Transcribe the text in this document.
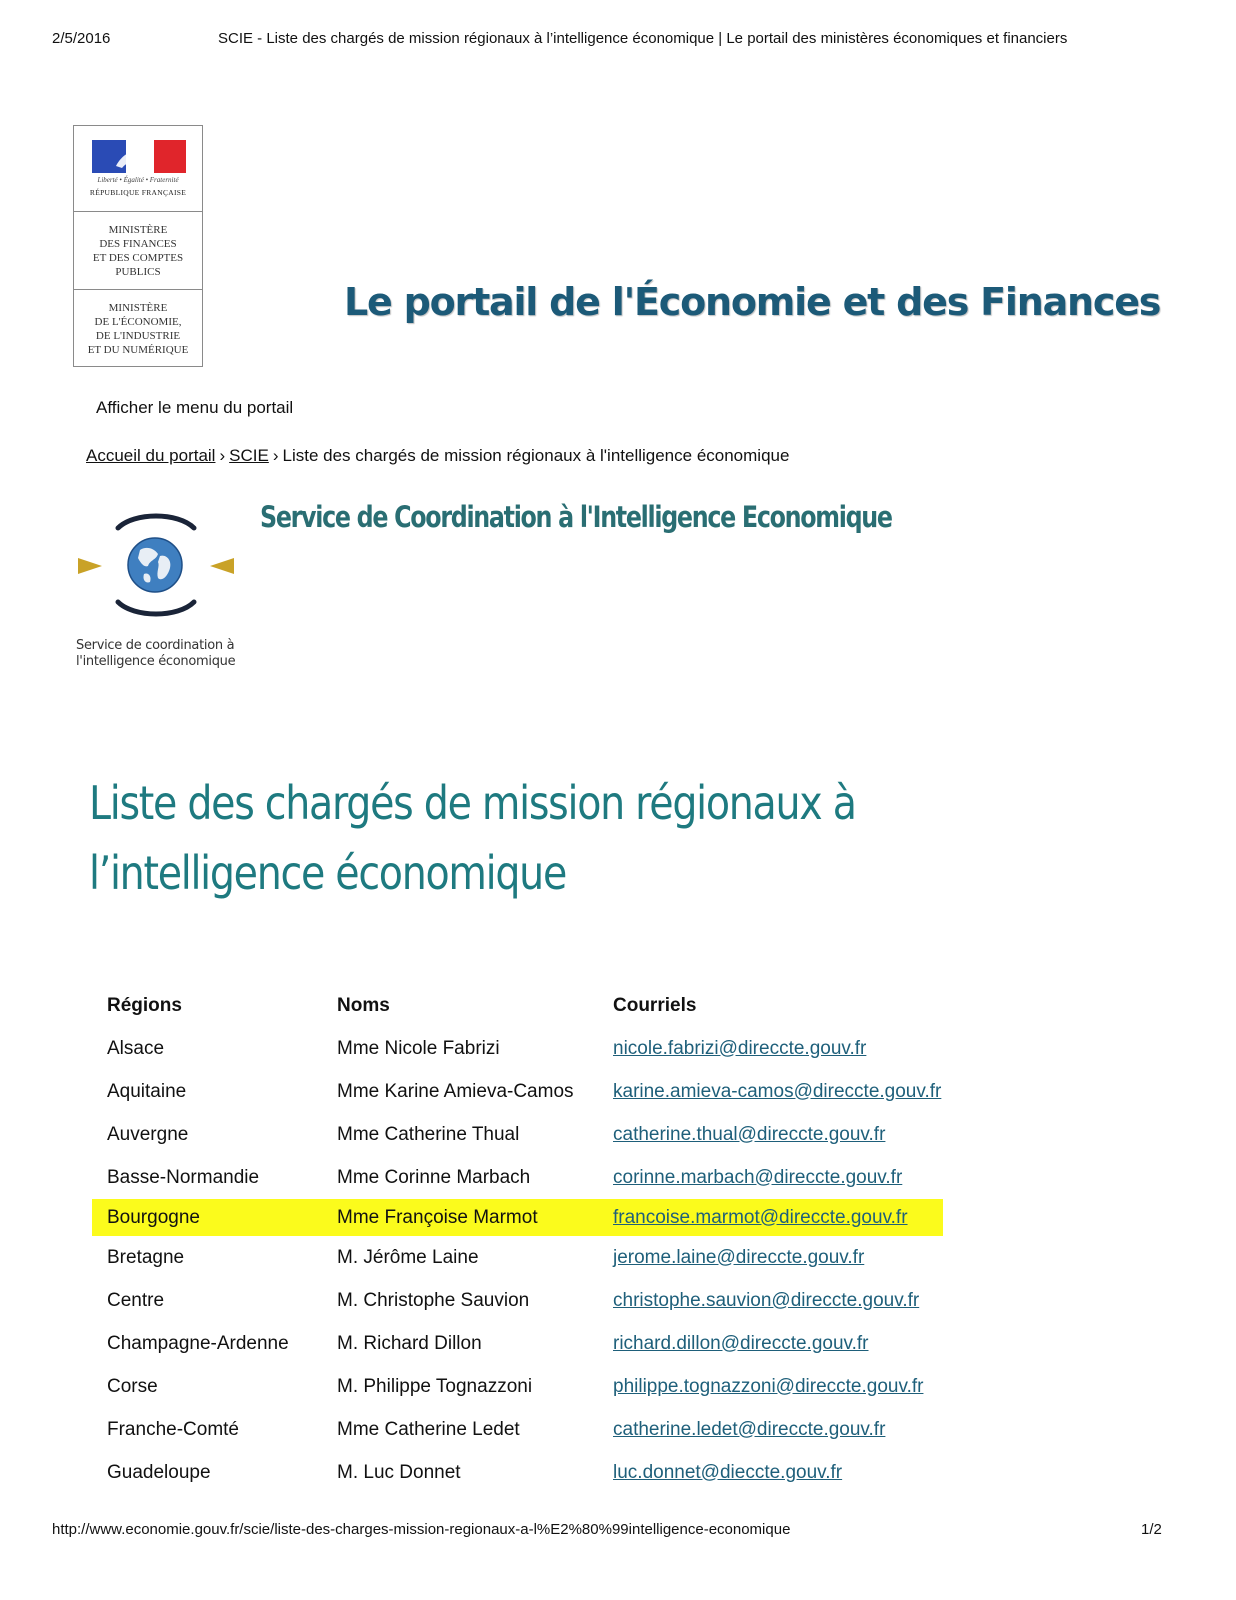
2/5/2016	SCIE - Liste des chargés de mission régionaux à l’intelligence économique | Le portail des ministères économiques et financiers
Liberté • Égalité • Fraternité
RÉPUBLIQUE FRANÇAISE
MINISTÈRE
DES FINANCES
ET DES COMPTES
PUBLICS
MINISTÈRE
DE L'ÉCONOMIE,
DE L'INDUSTRIE
ET DU NUMÉRIQUE
Le portail de l'Économie et des Finances
Afficher le menu du portail
Accueil du portail › SCIE › Liste des chargés de mission régionaux à l'intelligence économique
Service de coordination à
l'intelligence économique
Service de Coordination à l'Intelligence Economique
Liste des chargés de mission régionaux à l’intelligence économique
Régions	Noms	Courriels
Alsace	Mme Nicole Fabrizi	nicole.fabrizi@direccte.gouv.fr
Aquitaine	Mme Karine Amieva-Camos	karine.amieva-camos@direccte.gouv.fr
Auvergne	Mme Catherine Thual	catherine.thual@direccte.gouv.fr
Basse-Normandie	Mme Corinne Marbach	corinne.marbach@direccte.gouv.fr
Bourgogne	Mme Françoise Marmot	francoise.marmot@direccte.gouv.fr
Bretagne	M. Jérôme Laine	jerome.laine@direccte.gouv.fr
Centre	M. Christophe Sauvion	christophe.sauvion@direccte.gouv.fr
Champagne-Ardenne	M. Richard Dillon	richard.dillon@direccte.gouv.fr
Corse	M. Philippe Tognazzoni	philippe.tognazzoni@direccte.gouv.fr
Franche-Comté	Mme Catherine Ledet	catherine.ledet@direccte.gouv.fr
Guadeloupe	M. Luc Donnet	luc.donnet@dieccte.gouv.fr
http://www.economie.gouv.fr/scie/liste-des-charges-mission-regionaux-a-l%E2%80%99intelligence-economique	1/2
